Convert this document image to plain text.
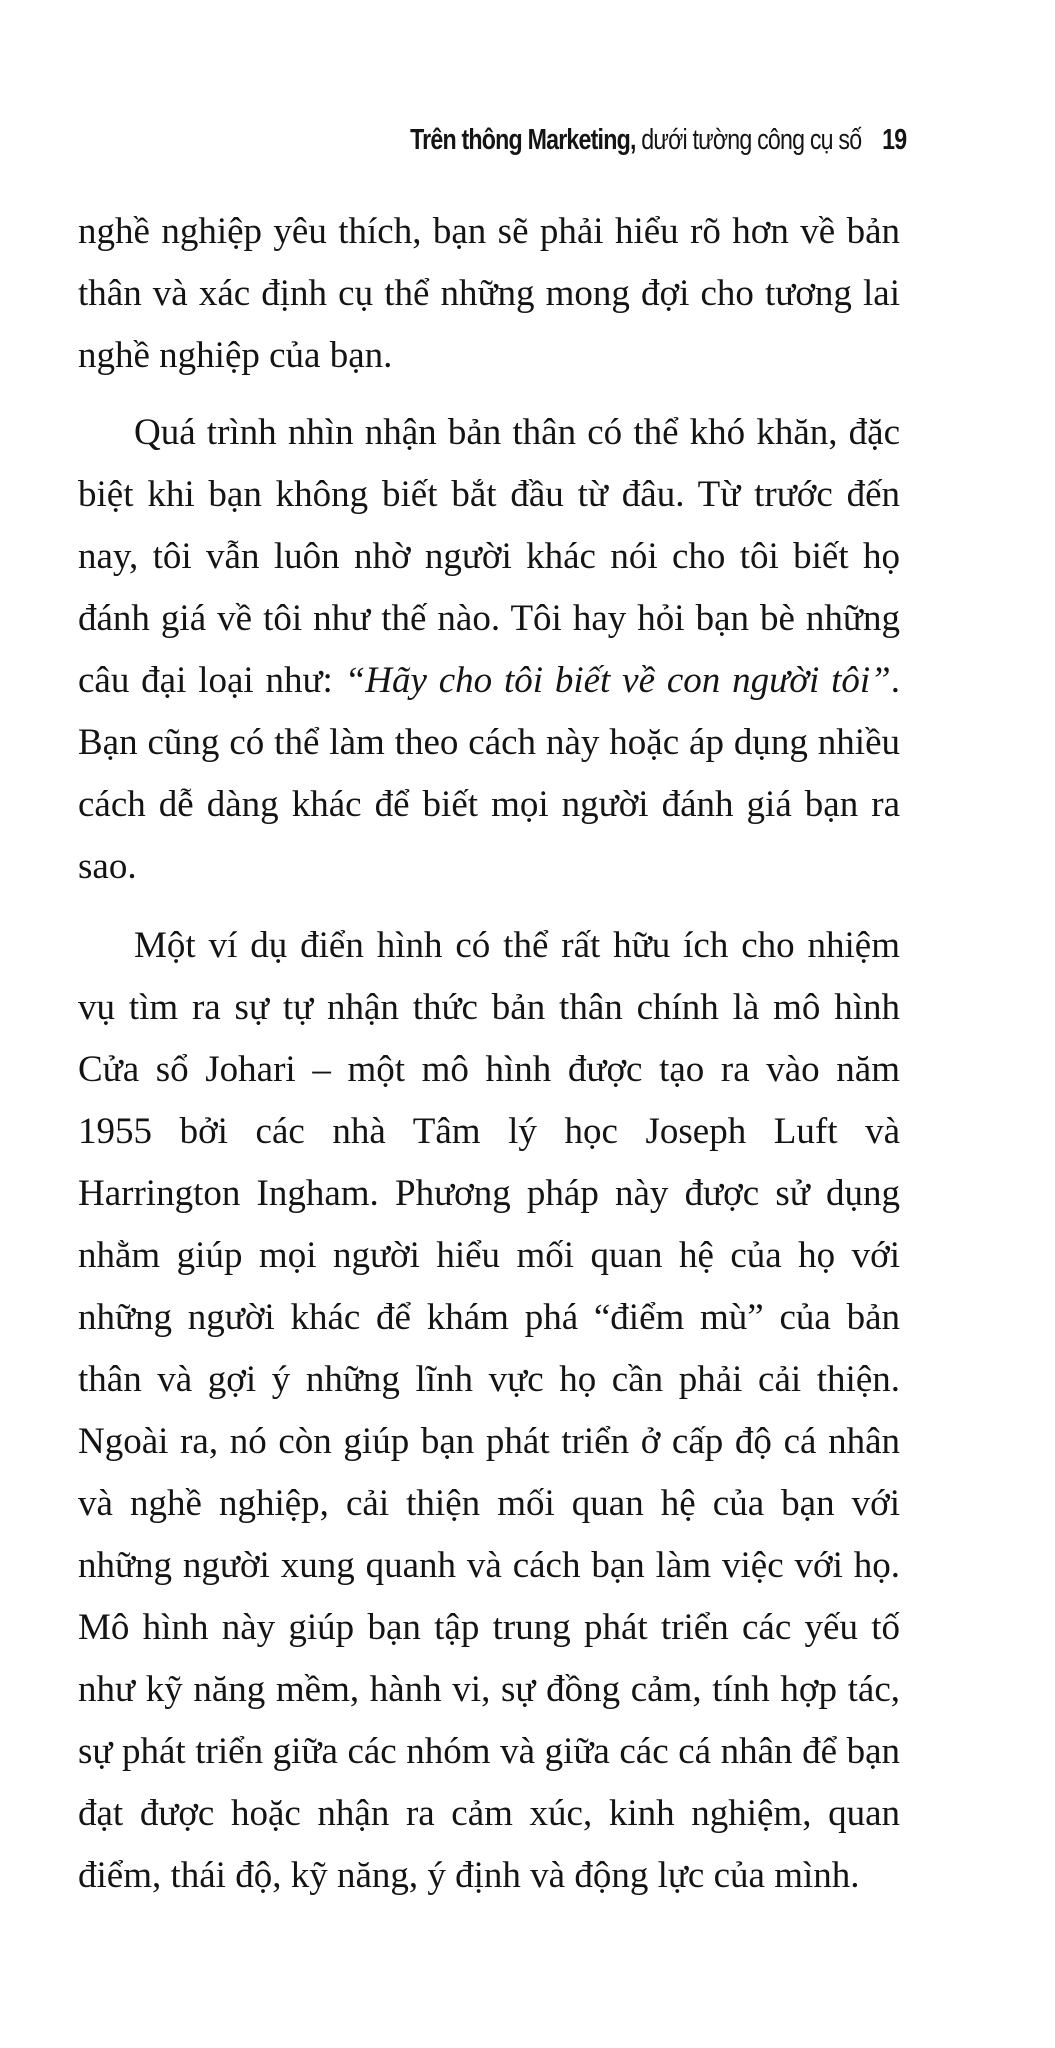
Trên thông Marketing, dưới tường công cụ số 19

nghề nghiệp yêu thích, bạn sẽ phải hiểu rõ hơn về bản thân và xác định cụ thể những mong đợi cho tương lai nghề nghiệp của bạn.

Quá trình nhìn nhận bản thân có thể khó khăn, đặc biệt khi bạn không biết bắt đầu từ đâu. Từ trước đến nay, tôi vẫn luôn nhờ người khác nói cho tôi biết họ đánh giá về tôi như thế nào. Tôi hay hỏi bạn bè những câu đại loại như: “Hãy cho tôi biết về con người tôi”. Bạn cũng có thể làm theo cách này hoặc áp dụng nhiều cách dễ dàng khác để biết mọi người đánh giá bạn ra sao.

Một ví dụ điển hình có thể rất hữu ích cho nhiệm vụ tìm ra sự tự nhận thức bản thân chính là mô hình Cửa sổ Johari – một mô hình được tạo ra vào năm 1955 bởi các nhà Tâm lý học Joseph Luft và Harrington Ingham. Phương pháp này được sử dụng nhằm giúp mọi người hiểu mối quan hệ của họ với những người khác để khám phá “điểm mù” của bản thân và gợi ý những lĩnh vực họ cần phải cải thiện. Ngoài ra, nó còn giúp bạn phát triển ở cấp độ cá nhân và nghề nghiệp, cải thiện mối quan hệ của bạn với những người xung quanh và cách bạn làm việc với họ. Mô hình này giúp bạn tập trung phát triển các yếu tố như kỹ năng mềm, hành vi, sự đồng cảm, tính hợp tác, sự phát triển giữa các nhóm và giữa các cá nhân để bạn đạt được hoặc nhận ra cảm xúc, kinh nghiệm, quan điểm, thái độ, kỹ năng, ý định và động lực của mình.
